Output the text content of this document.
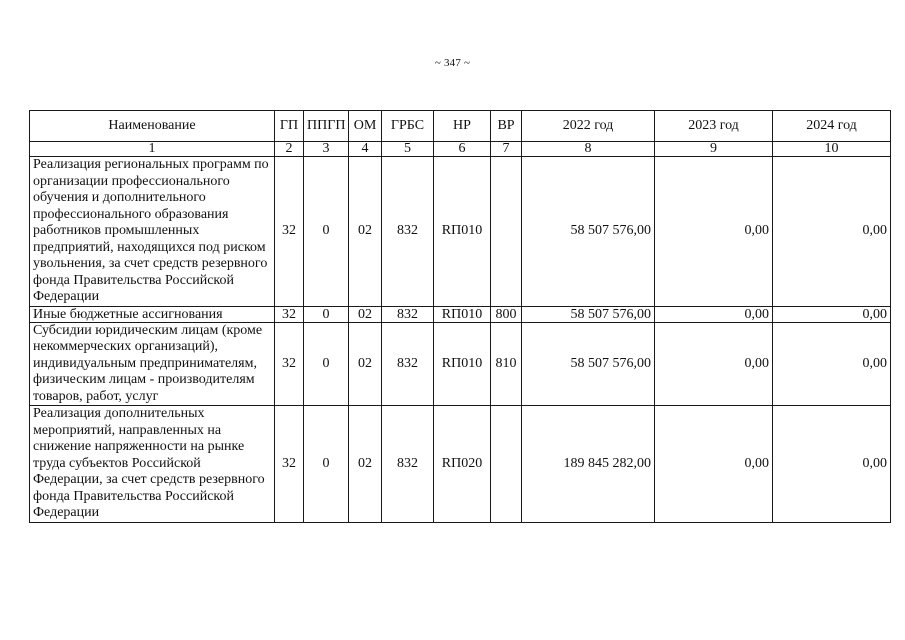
~ 347 ~
Наименование	ГП	ППГП	ОМ	ГРБС	НР	ВР	2022 год	2023 год	2024 год
1	2	3	4	5	6	7	8	9	10
Реализация региональных программ по организации профессионального обучения и дополнительного профессионального образования работников промышленных предприятий, находящихся под риском увольнения, за счет средств резервного фонда Правительства Российской Федерации	32	0	02	832	RП010		58 507 576,00	0,00	0,00
Иные бюджетные ассигнования	32	0	02	832	RП010	800	58 507 576,00	0,00	0,00
Субсидии юридическим лицам (кроме некоммерческих организаций), индивидуальным предпринимателям, физическим лицам - производителям товаров, работ, услуг	32	0	02	832	RП010	810	58 507 576,00	0,00	0,00
Реализация дополнительных мероприятий, направленных на снижение напряженности на рынке труда субъектов Российской Федерации, за счет средств резервного фонда Правительства Российской Федерации	32	0	02	832	RП020		189 845 282,00	0,00	0,00
